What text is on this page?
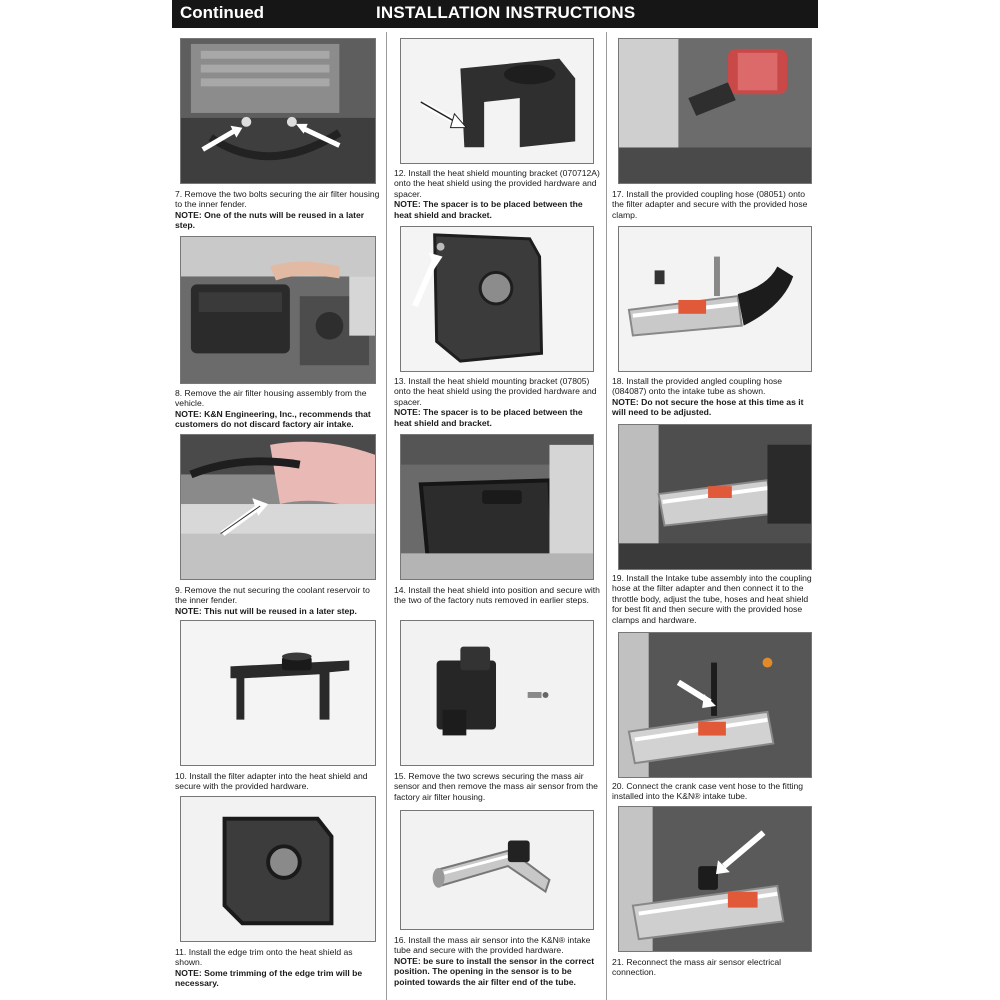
Continued	INSTALLATION INSTRUCTIONS
7. Remove the two bolts securing the air filter housing to the inner fender.
NOTE: One of the nuts will be reused in a later step.
8. Remove the air filter housing assembly from the vehicle.
NOTE: K&N Engineering, Inc., recommends that customers do not discard factory air intake.
9. Remove the nut securing the coolant reservoir to the inner fender.
NOTE: This nut will be reused in a later step.
10. Install the filter adapter into the heat shield and secure with the provided hardware.
11. Install the edge trim onto the heat shield as shown.
NOTE: Some trimming of the edge trim will be necessary.
12. Install the heat shield mounting bracket (070712A) onto the heat shield using the provided hardware and spacer.
NOTE: The spacer is to be placed between the heat shield and bracket.
13. Install the heat shield mounting bracket (07805) onto the heat shield using the provided hardware and spacer.
NOTE: The spacer is to be placed between the heat shield and bracket.
14. Install the heat shield into position and secure with the two of the factory nuts removed in earlier steps.
15. Remove the two screws securing the mass air sensor and then remove the mass air sensor from the factory air filter housing.
16. Install the mass air sensor into the K&N® intake tube and secure with the provided hardware.
NOTE: be sure to install the sensor in the correct position. The opening in the sensor is to be pointed towards the air filter end of the tube.
17. Install the provided coupling hose (08051) onto the filter adapter and secure with the provided hose clamp.
18. Install the provided angled coupling hose (084087) onto the intake tube as shown.
NOTE: Do not secure the hose at this time as it will need to be adjusted.
19. Install the Intake tube assembly into the coupling hose at the filter adapter and then connect it to the throttle body, adjust the tube, hoses and heat shield for best fit and then secure with the provided hose clamps and hardware.
20. Connect the crank case vent hose to the fitting installed into the K&N® intake tube.
21. Reconnect the mass air sensor electrical connection.
